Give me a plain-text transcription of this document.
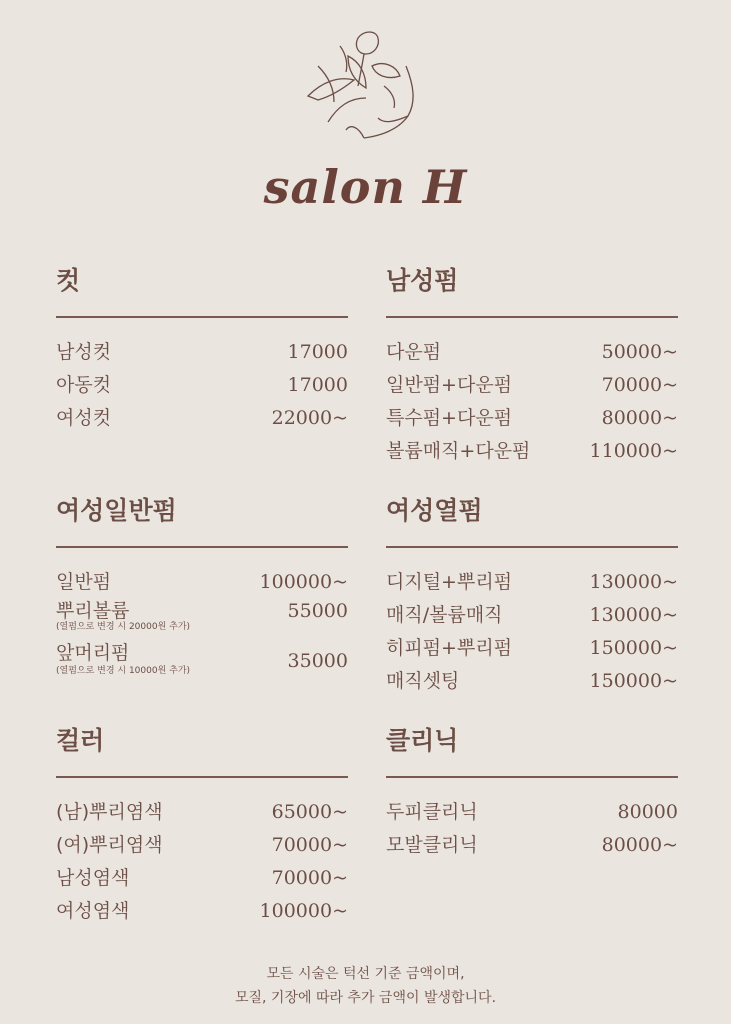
salon H
컷
남성컷	17000
아동컷	17000
여성컷	22000~
남성펌
다운펌	50000~
일반펌+다운펌	70000~
특수펌+다운펌	80000~
볼륨매직+다운펌	110000~
여성일반펌
일반펌	100000~
뿌리볼륨	55000
(열펌으로 변경 시 20000원 추가)
앞머리펌	35000
(열펌으로 변경 시 10000원 추가)
여성열펌
디지털+뿌리펌	130000~
매직/볼륨매직	130000~
히피펌+뿌리펌	150000~
매직셋팅	150000~
컬러
(남)뿌리염색	65000~
(여)뿌리염색	70000~
남성염색	70000~
여성염색	100000~
클리닉
두피클리닉	80000
모발클리닉	80000~
모든 시술은 턱선 기준 금액이며,
모질, 기장에 따라 추가 금액이 발생합니다.
